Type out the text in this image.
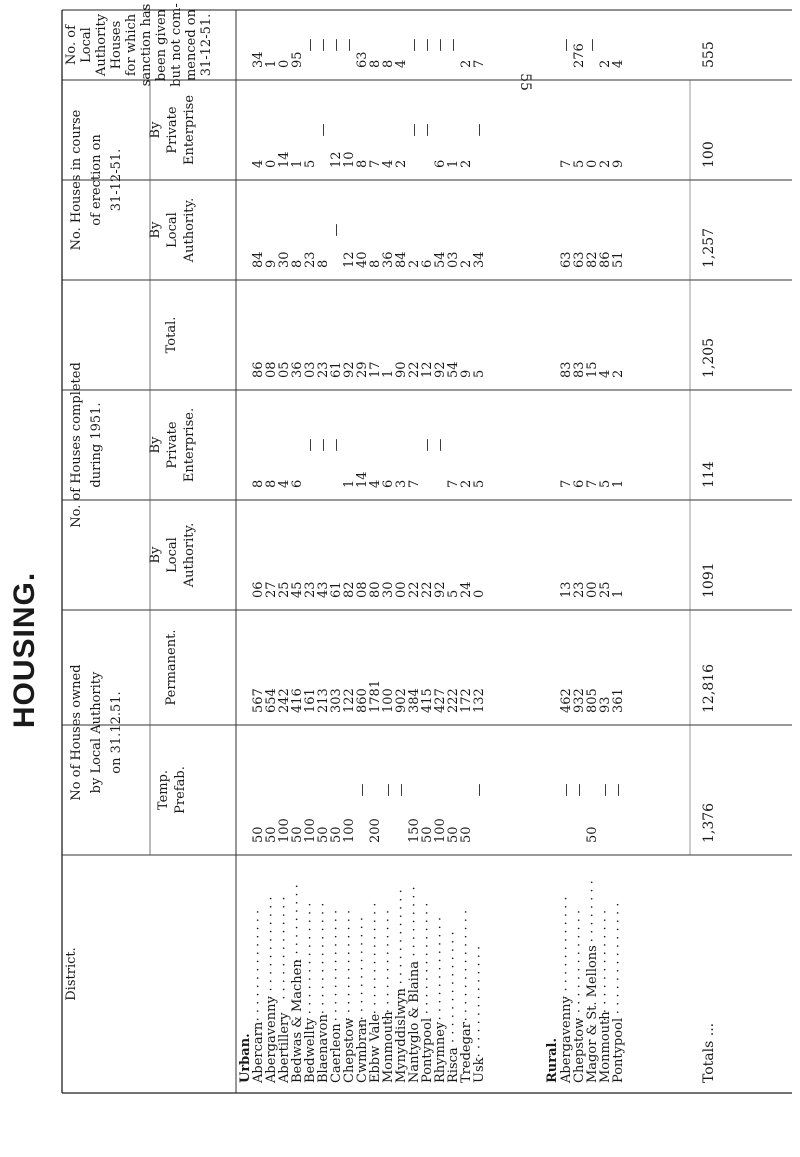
HOUSING.
55
No of Houses owned by Local Authority on 31.12.51.
No. of Houses completed during 1951.
No. Houses in course of erection on 31-12-51.
District.
Temp. Prefab.
Permanent.
By Local Authority.
By Private Enterprise.
Total.
By Local Authority.
By Private Enterprise
No. of Local Authority Houses for which sanction has been given but not com- menced on 31-12-51.
Urban.
Abercarn
· · · · · · · · · · · · · ·
50
567
06
8
86
84
4
34
Abergavenny
· · · · · · · · · · · · ·
50
654
27
8
08
9
0
1
Abertillery
· · · · · · · · · · · · ·
100
242
25
4
05
30
14
0
Bedwas & Machen
· · · · · · · · · · ·
50
416
45
6
36
8
1
95
Bedwellty
· · · · · · · · · · · · · ·
100
161
23
—
03
23
5
—
Blaenavon
· · · · · · · · · · · · · ·
50
213
43
—
23
8
—
—
Caerleon
· · · · · · · · · · · · · ·
50
303
61
—
61
—
12
—
Chepstow
· · · · · · · · · · · · · ·
100
122
82
1
92
12
10
—
Cwmbran
· · · · · · · · · · · · · ·
—
860
08
14
29
40
8
63
Ebbw Vale
· · · · · · · · · · · · · ·
200
1781
80
4
17
8
7
8
Monmouth
· · · · · · · · · · · · · ·
—
100
30
6
1
36
4
8
Mynyddislwyn
· · · · · · · · · · · · ·
—
902
00
3
90
84
2
4
Nantyglo & Blaina
· · · · · · · · ·
150
384
22
7
22
2
—
—
Pontypool
· · · · · · · · · · · · · ·
50
415
22
—
12
6
—
—
Rhymney
· · · · · · · · · · · · · ·
100
427
92
—
92
54
6
—
Risca
· · · · · · · · · · · · · ·
50
222
5
7
54
03
1
—
Tredegar
· · · · · · · · · · · · · ·
50
172
24
2
9
2
2
2
Usk
· · · · · · · · · · · · · ·
—
132
0
5
5
34
—
7
Rural. Abergavenny
· · · · · · · · · · · · ·
—
462
13
7
83
63
7
—
Chepstow
· · · · · · · · · · · · · ·
—
932
23
6
83
63
5
276
Magor & St. Mellons
· · · · · · · ·
50
805
00
7
15
82
0
—
Monmouth
· · · · · · · · · · · · · ·
—
93
25
5
4
86
2
2
Pontypool
· · · · · · · · · · · · · ·
—
361
1
1
2
51
9
4
Totals ...
1,376
12,816
1091
114
1,205
1,257
100
555
